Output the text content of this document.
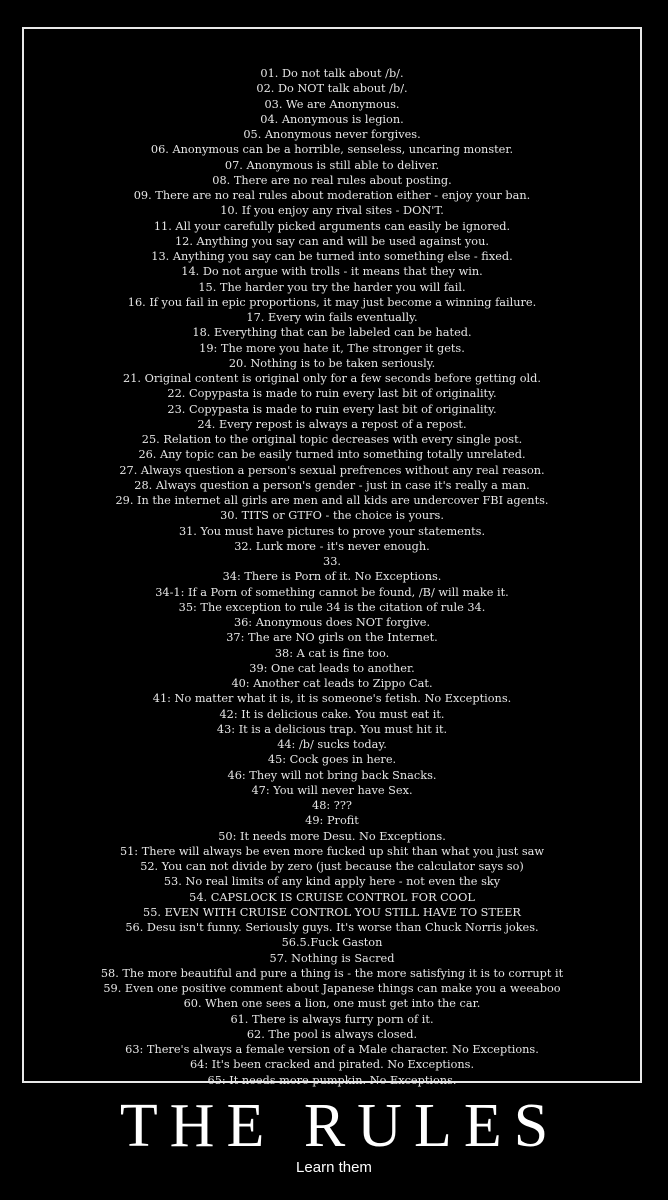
01. Do not talk about /b/.
02. Do NOT talk about /b/.
03. We are Anonymous.
04. Anonymous is legion.
05. Anonymous never forgives.
06. Anonymous can be a horrible, senseless, uncaring monster.
07. Anonymous is still able to deliver.
08. There are no real rules about posting.
09. There are no real rules about moderation either - enjoy your ban.
10. If you enjoy any rival sites - DON'T.
11. All your carefully picked arguments can easily be ignored.
12. Anything you say can and will be used against you.
13. Anything you say can be turned into something else - fixed.
14. Do not argue with trolls - it means that they win.
15. The harder you try the harder you will fail.
16. If you fail in epic proportions, it may just become a winning failure.
17. Every win fails eventually.
18. Everything that can be labeled can be hated.
19: The more you hate it, The stronger it gets.
20. Nothing is to be taken seriously.
21. Original content is original only for a few seconds before getting old.
22. Copypasta is made to ruin every last bit of originality.
23. Copypasta is made to ruin every last bit of originality.
24. Every repost is always a repost of a repost.
25. Relation to the original topic decreases with every single post.
26. Any topic can be easily turned into something totally unrelated.
27. Always question a person's sexual prefrences without any real reason.
28. Always question a person's gender - just in case it's really a man.
29. In the internet all girls are men and all kids are undercover FBI agents.
30. TITS or GTFO - the choice is yours.
31. You must have pictures to prove your statements.
32. Lurk more - it's never enough.
33.
34: There is Porn of it. No Exceptions.
34-1: If a Porn of something cannot be found, /B/ will make it.
35: The exception to rule 34 is the citation of rule 34.
36: Anonymous does NOT forgive.
37: The are NO girls on the Internet.
38: A cat is fine too.
39: One cat leads to another.
40: Another cat leads to Zippo Cat.
41: No matter what it is, it is someone's fetish. No Exceptions.
42: It is delicious cake. You must eat it.
43: It is a delicious trap. You must hit it.
44: /b/ sucks today.
45: Cock goes in here.
46: They will not bring back Snacks.
47: You will never have Sex.
48: ???
49: Profit
50: It needs more Desu. No Exceptions.
51: There will always be even more fucked up shit than what you just saw
52. You can not divide by zero (just because the calculator says so)
53. No real limits of any kind apply here - not even the sky
54. CAPSLOCK IS CRUISE CONTROL FOR COOL
55. EVEN WITH CRUISE CONTROL YOU STILL HAVE TO STEER
56. Desu isn't funny. Seriously guys. It's worse than Chuck Norris jokes.
56.5.Fuck Gaston
57. Nothing is Sacred
58. The more beautiful and pure a thing is - the more satisfying it is to corrupt it
59. Even one positive comment about Japanese things can make you a weeaboo
60. When one sees a lion, one must get into the car.
61. There is always furry porn of it.
62. The pool is always closed.
63: There's always a female version of a Male character. No Exceptions.
64: It's been cracked and pirated. No Exceptions.
65: It needs more pumpkin. No Exceptions.
THE RULES

Learn them
